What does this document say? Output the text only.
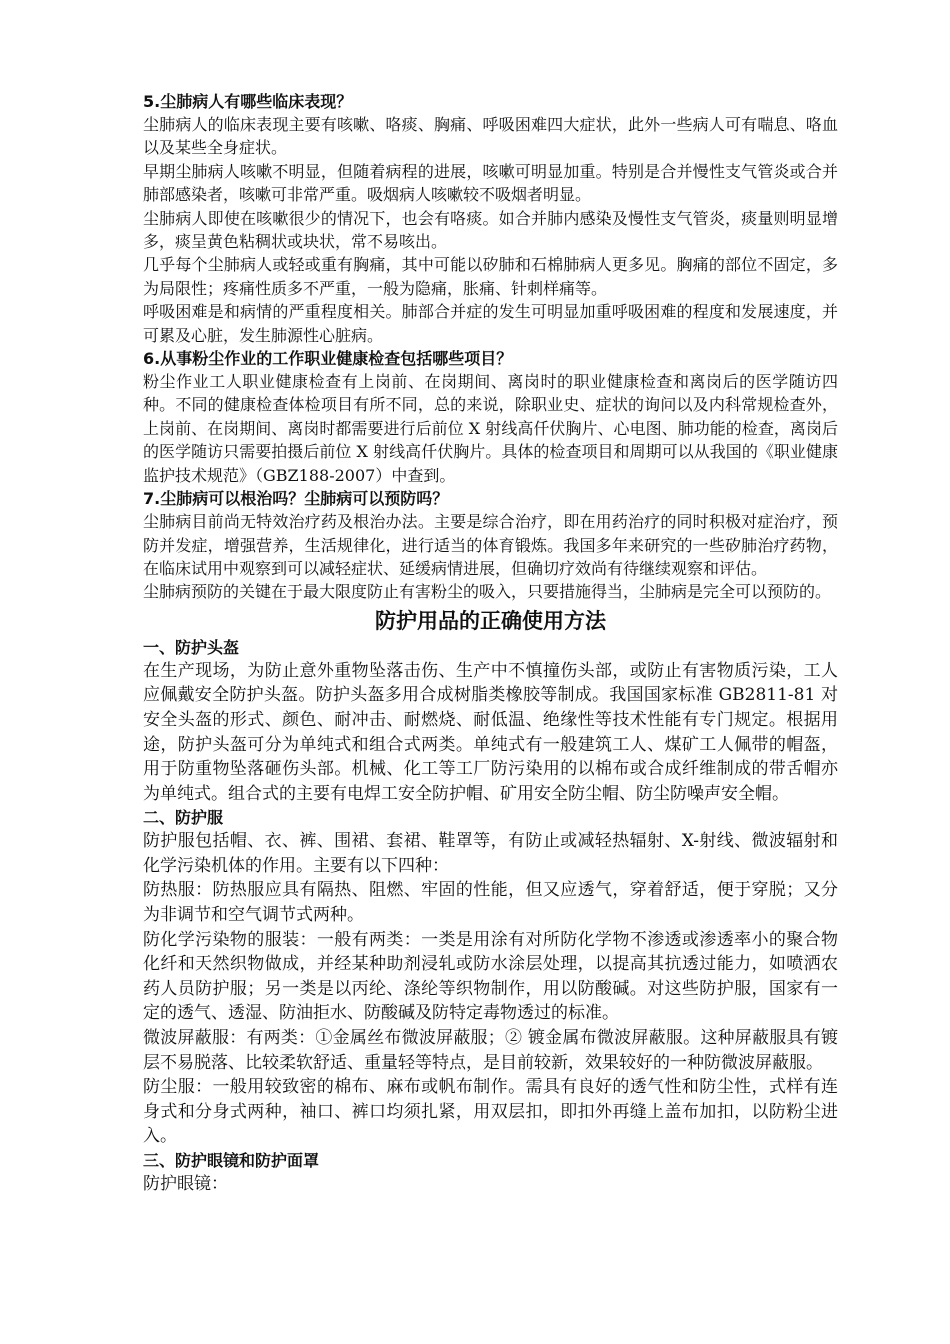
5.尘肺病人有哪些临床表现？

尘肺病人的临床表现主要有咳嗽、咯痰、胸痛、呼吸困难四大症状，此外一些病人可有喘息、咯血以及某些全身症状。

早期尘肺病人咳嗽不明显，但随着病程的进展，咳嗽可明显加重。特别是合并慢性支气管炎或合并肺部感染者，咳嗽可非常严重。吸烟病人咳嗽较不吸烟者明显。

尘肺病人即使在咳嗽很少的情况下，也会有咯痰。如合并肺内感染及慢性支气管炎，痰量则明显增多，痰呈黄色粘稠状或块状，常不易咳出。

几乎每个尘肺病人或轻或重有胸痛，其中可能以矽肺和石棉肺病人更多见。胸痛的部位不固定，多为局限性；疼痛性质多不严重，一般为隐痛，胀痛、针刺样痛等。

呼吸困难是和病情的严重程度相关。肺部合并症的发生可明显加重呼吸困难的程度和发展速度，并可累及心脏，发生肺源性心脏病。

6.从事粉尘作业的工作职业健康检查包括哪些项目？

粉尘作业工人职业健康检查有上岗前、在岗期间、离岗时的职业健康检查和离岗后的医学随访四种。不同的健康检查体检项目有所不同，总的来说，除职业史、症状的询问以及内科常规检查外，上岗前、在岗期间、离岗时都需要进行后前位 X 射线高仟伏胸片、心电图、肺功能的检查，离岗后的医学随访只需要拍摄后前位 X 射线高仟伏胸片。具体的检查项目和周期可以从我国的《职业健康监护技术规范》（GBZ188-2007）中查到。

7.尘肺病可以根治吗？尘肺病可以预防吗？

尘肺病目前尚无特效治疗药及根治办法。主要是综合治疗，即在用药治疗的同时积极对症治疗，预防并发症，增强营养，生活规律化，进行适当的体育锻炼。我国多年来研究的一些矽肺治疗药物，在临床试用中观察到可以减轻症状、延缓病情进展，但确切疗效尚有待继续观察和评估。

尘肺病预防的关键在于最大限度防止有害粉尘的吸入，只要措施得当，尘肺病是完全可以预防的。

防护用品的正确使用方法

一、防护头盔

在生产现场，为防止意外重物坠落击伤、生产中不慎撞伤头部，或防止有害物质污染，工人应佩戴安全防护头盔。防护头盔多用合成树脂类橡胶等制成。我国国家标准 GB2811-81 对安全头盔的形式、颜色、耐冲击、耐燃烧、耐低温、绝缘性等技术性能有专门规定。根据用途，防护头盔可分为单纯式和组合式两类。单纯式有一般建筑工人、煤矿工人佩带的帽盔，用于防重物坠落砸伤头部。机械、化工等工厂防污染用的以棉布或合成纤维制成的带舌帽亦为单纯式。组合式的主要有电焊工安全防护帽、矿用安全防尘帽、防尘防噪声安全帽。

二、防护服

防护服包括帽、衣、裤、围裙、套裙、鞋罩等，有防止或减轻热辐射、X-射线、微波辐射和化学污染机体的作用。主要有以下四种：

防热服：防热服应具有隔热、阻燃、牢固的性能，但又应透气，穿着舒适，便于穿脱；又分为非调节和空气调节式两种。

防化学污染物的服装：一般有两类：一类是用涂有对所防化学物不渗透或渗透率小的聚合物化纤和天然织物做成，并经某种助剂浸轧或防水涂层处理，以提高其抗透过能力，如喷洒农药人员防护服；另一类是以丙纶、涤纶等织物制作，用以防酸碱。对这些防护服，国家有一定的透气、透湿、防油拒水、防酸碱及防特定毒物透过的标准。

微波屏蔽服：有两类：①金属丝布微波屏蔽服；② 镀金属布微波屏蔽服。这种屏蔽服具有镀层不易脱落、比较柔软舒适、重量轻等特点，是目前较新，效果较好的一种防微波屏蔽服。

防尘服：一般用较致密的棉布、麻布或帆布制作。需具有良好的透气性和防尘性，式样有连身式和分身式两种，袖口、裤口均须扎紧，用双层扣，即扣外再缝上盖布加扣，以防粉尘进入。

三、防护眼镜和防护面罩

防护眼镜：
